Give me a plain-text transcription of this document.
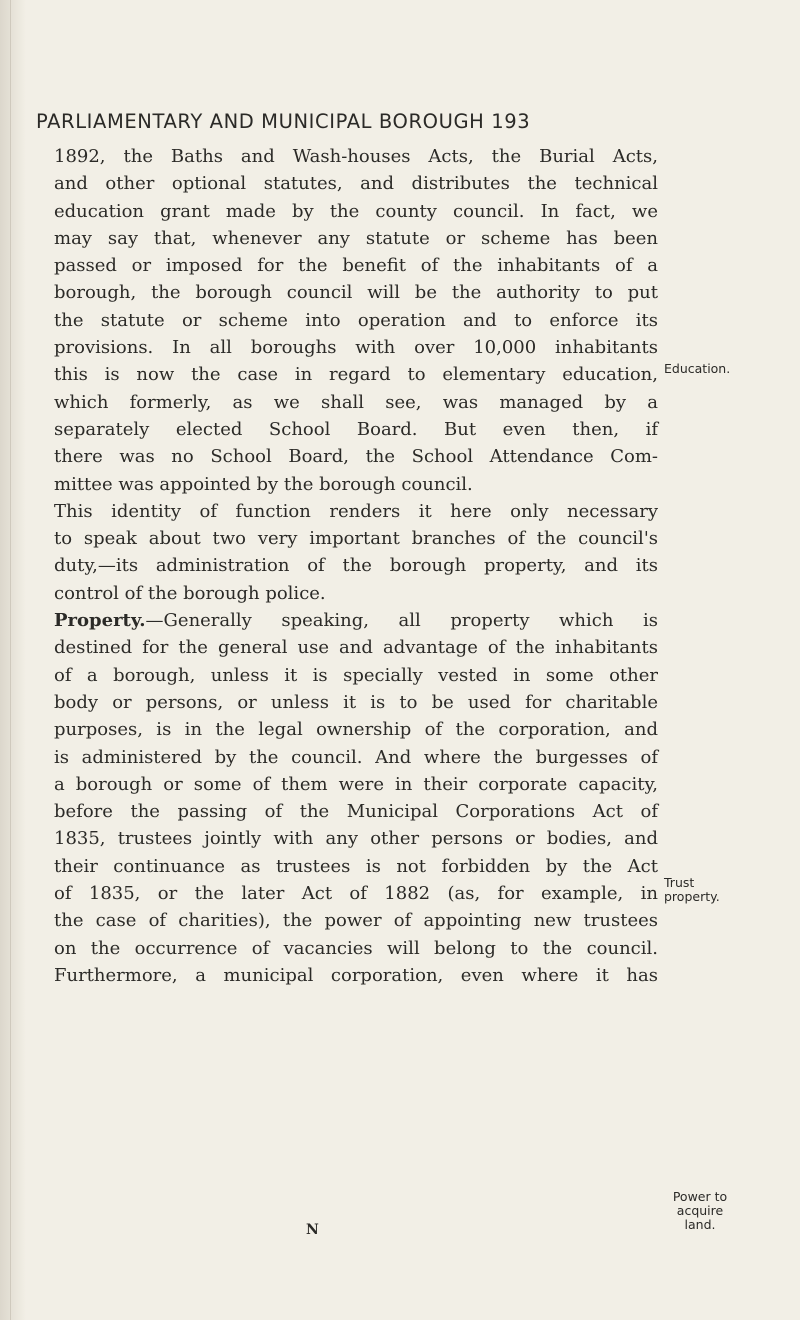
PARLIAMENTARY AND MUNICIPAL BOROUGH 193
1892, the Baths and Wash-houses Acts, the Burial Acts,
and other optional statutes, and distributes the technical
education grant made by the county council. In fact, we
may say that, whenever any statute or scheme has been
passed or imposed for the benefit of the inhabitants of a
borough, the borough council will be the authority to put
the statute or scheme into operation and to enforce its
provisions. In all boroughs with over 10,000 inhabitants
this is now the case in regard to elementary education,
which formerly, as we shall see, was managed by a
separately elected School Board. But even then, if
there was no School Board, the School Attendance Com-
mittee was appointed by the borough council.
This identity of function renders it here only necessary
to speak about two very important branches of the council's
duty,—its administration of the borough property, and its
control of the borough police.
Property.—Generally speaking, all property which is
destined for the general use and advantage of the inhabitants
of a borough, unless it is specially vested in some other
body or persons, or unless it is to be used for charitable
purposes, is in the legal ownership of the corporation, and
is administered by the council. And where the burgesses of
a borough or some of them were in their corporate capacity,
before the passing of the Municipal Corporations Act of
1835, trustees jointly with any other persons or bodies, and
their continuance as trustees is not forbidden by the Act
of 1835, or the later Act of 1882 (as, for example, in
the case of charities), the power of appointing new trustees
on the occurrence of vacancies will belong to the council.
Furthermore, a municipal corporation, even where it has
N
Education.
Trust
property.
Power to
acquire
land.
